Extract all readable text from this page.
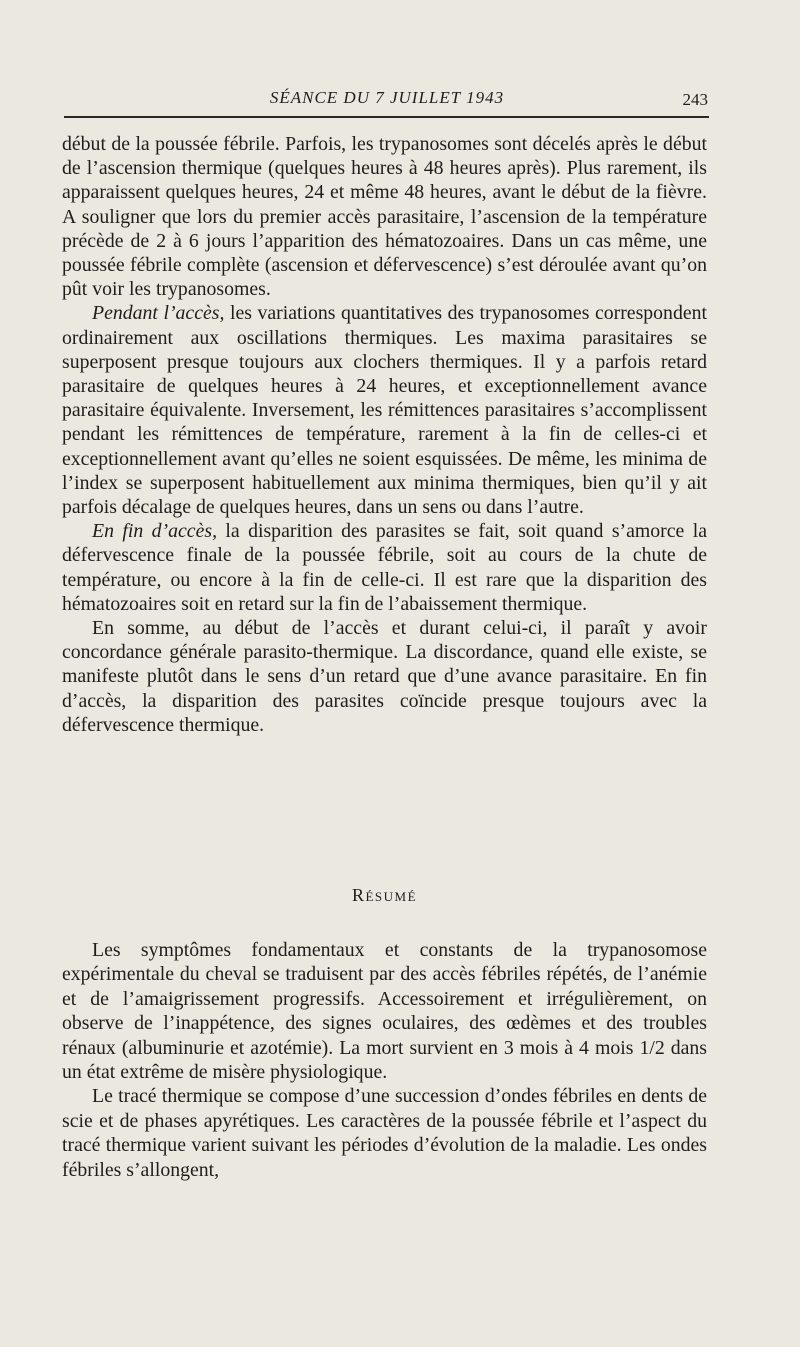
SÉANCE DU 7 JUILLET 1943	243

début de la poussée fébrile. Parfois, les trypanosomes sont décelés après le début de l’ascension thermique (quelques heures à 48 heures après). Plus rarement, ils apparaissent quelques heures, 24 et même 48 heures, avant le début de la fièvre. A souligner que lors du premier accès parasitaire, l’ascension de la température précède de 2 à 6 jours l’apparition des hématozoaires. Dans un cas même, une poussée fébrile complète (ascension et défervescence) s’est déroulée avant qu’on pût voir les trypanosomes.

Pendant l’accès, les variations quantitatives des trypanosomes correspondent ordinairement aux oscillations thermiques. Les maxima parasitaires se superposent presque toujours aux clochers thermiques. Il y a parfois retard parasitaire de quelques heures à 24 heures, et exceptionnellement avance parasitaire équivalente. Inversement, les rémittences parasitaires s’accomplissent pendant les rémittences de température, rarement à la fin de celles-ci et exceptionnellement avant qu’elles ne soient esquissées. De même, les minima de l’index se superposent habituellement aux minima thermiques, bien qu’il y ait parfois décalage de quelques heures, dans un sens ou dans l’autre.

En fin d’accès, la disparition des parasites se fait, soit quand s’amorce la défervescence finale de la poussée fébrile, soit au cours de la chute de température, ou encore à la fin de celle-ci. Il est rare que la disparition des hématozoaires soit en retard sur la fin de l’abaissement thermique.

En somme, au début de l’accès et durant celui-ci, il paraît y avoir concordance générale parasito-thermique. La discordance, quand elle existe, se manifeste plutôt dans le sens d’un retard que d’une avance parasitaire. En fin d’accès, la disparition des parasites coïncide presque toujours avec la défervescence thermique.

Résumé

Les symptômes fondamentaux et constants de la trypanosomose expérimentale du cheval se traduisent par des accès fébriles répétés, de l’anémie et de l’amaigrissement progressifs. Accessoirement et irrégulièrement, on observe de l’inappétence, des signes oculaires, des œdèmes et des troubles rénaux (albuminurie et azotémie). La mort survient en 3 mois à 4 mois 1/2 dans un état extrême de misère physiologique.

Le tracé thermique se compose d’une succession d’ondes fébriles en dents de scie et de phases apyrétiques. Les caractères de la poussée fébrile et l’aspect du tracé thermique varient suivant les périodes d’évolution de la maladie. Les ondes fébriles s’allongent,
